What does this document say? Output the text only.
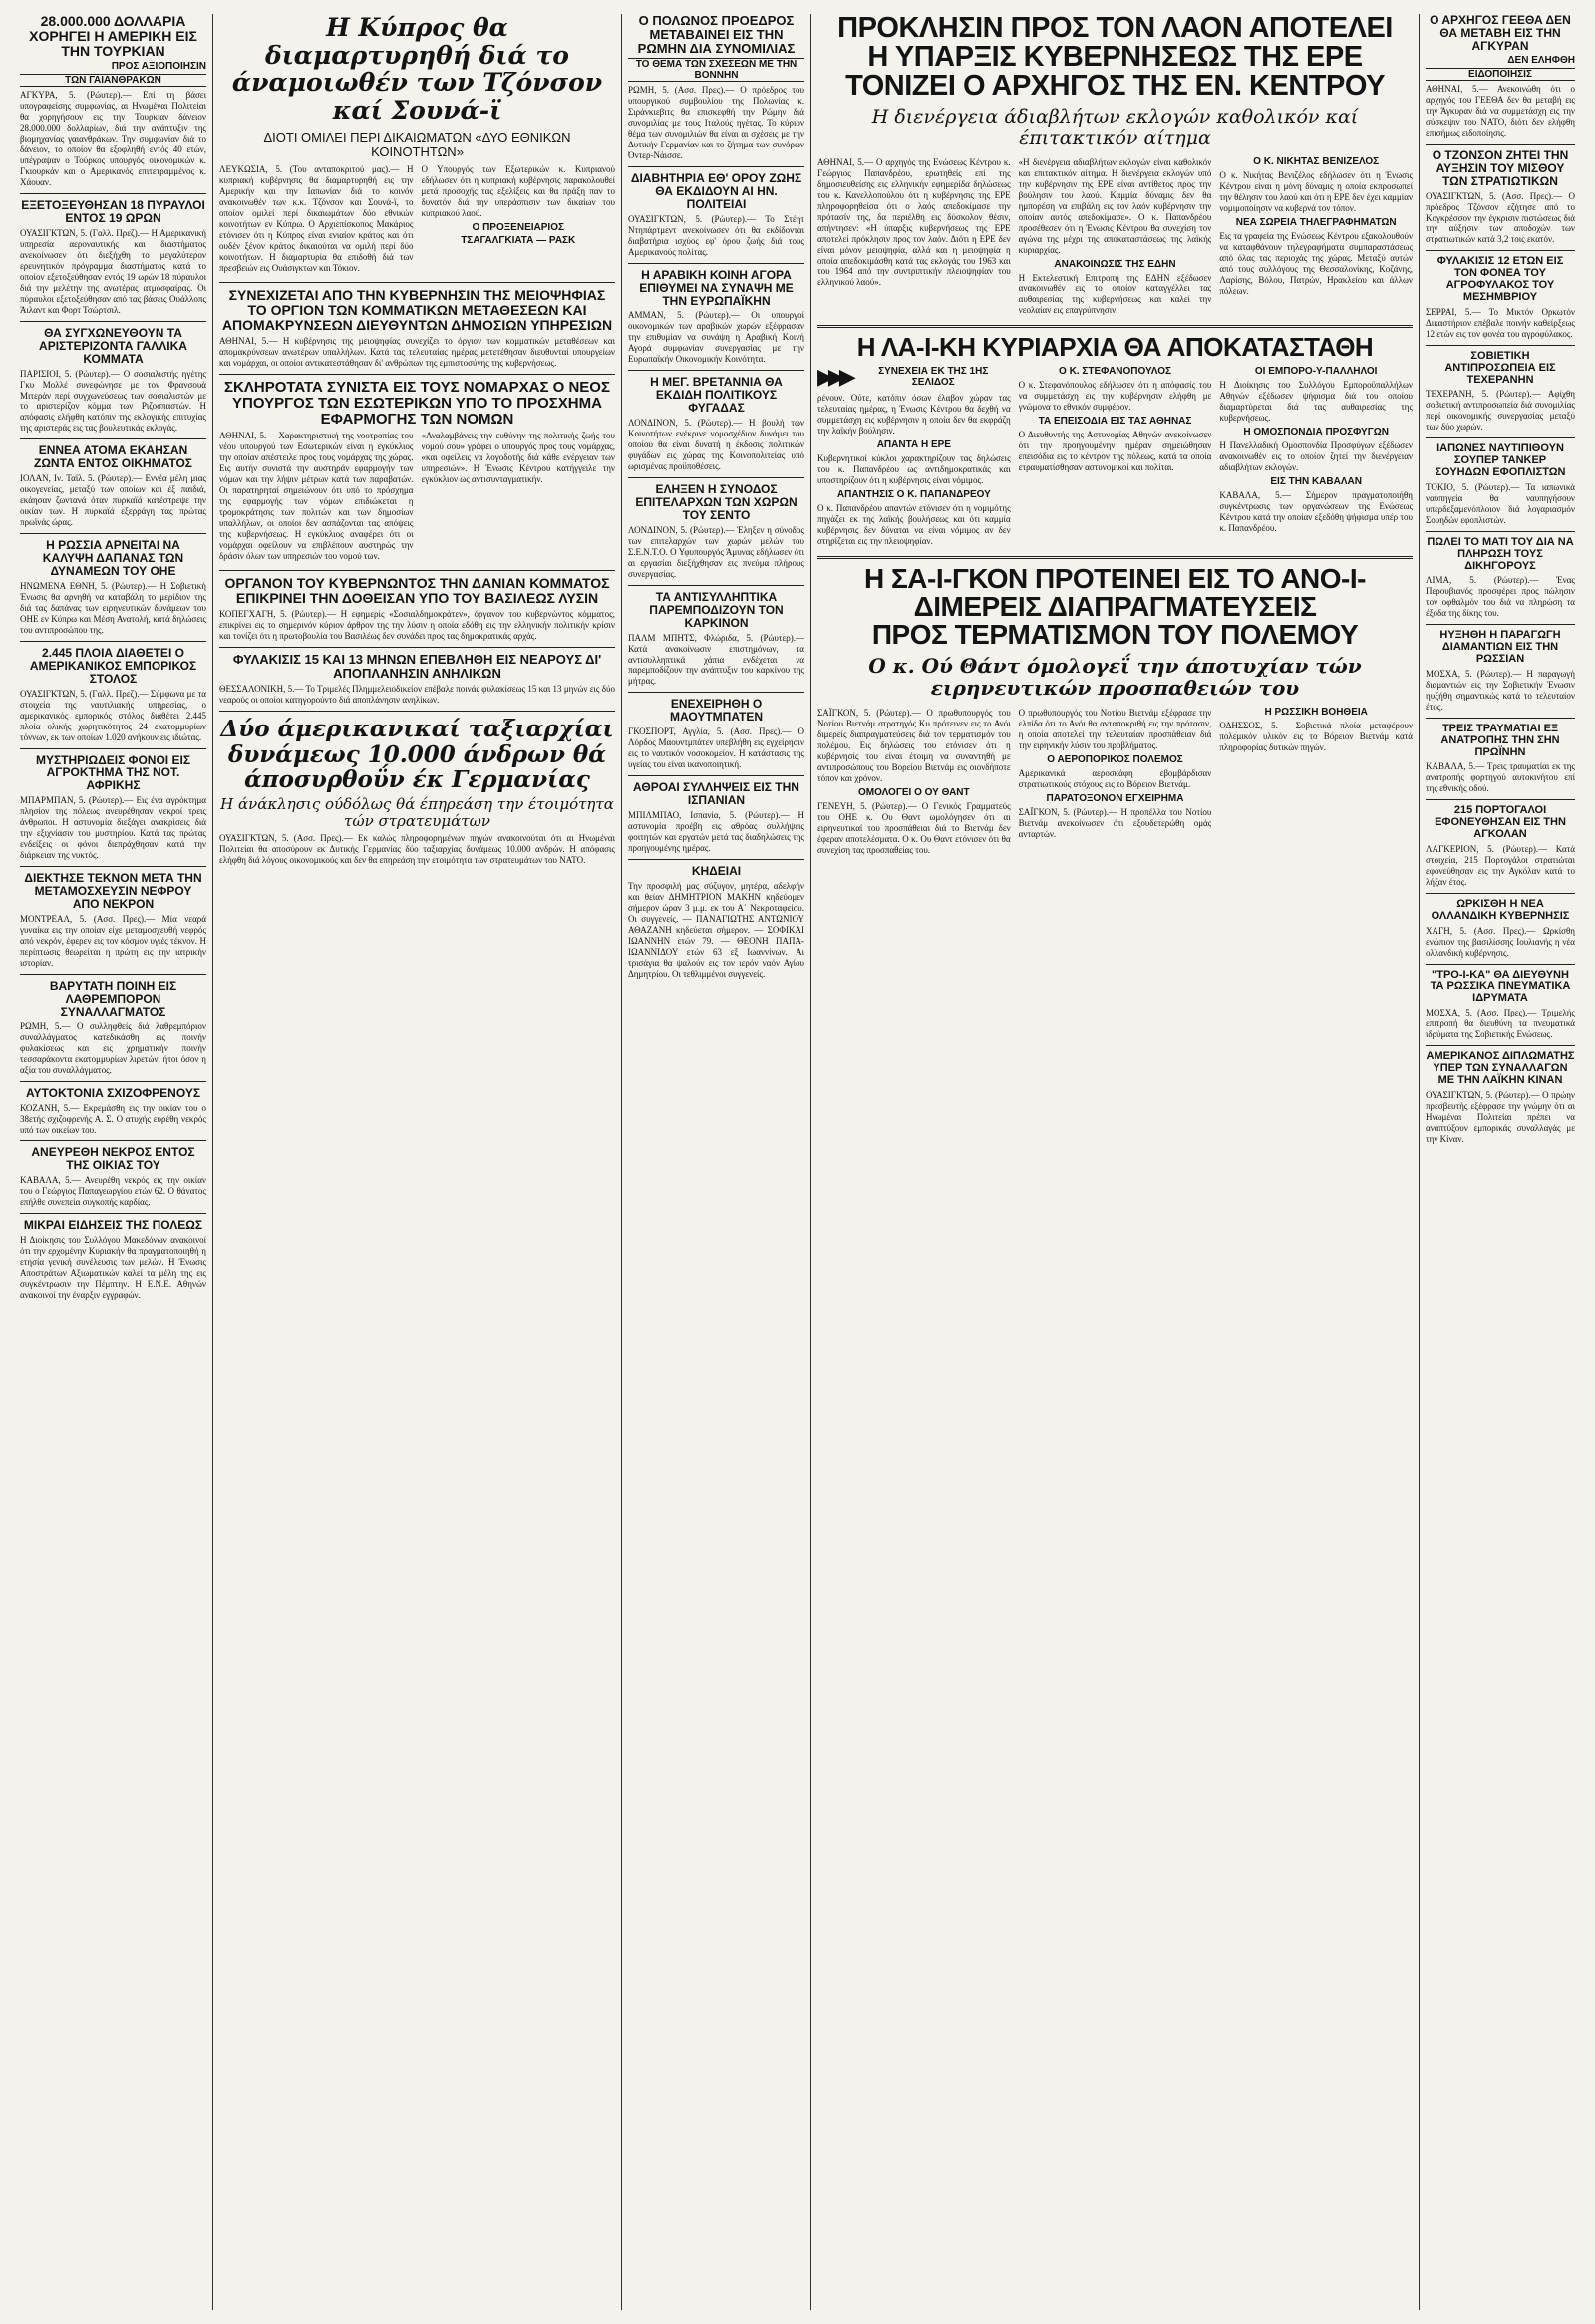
28.000.000 ΔΟΛΛΑΡΙΑ ΧΟΡΗΓΕΙ Η ΑΜΕΡΙΚΗ ΕΙΣ ΤΗΝ ΤΟΥΡΚΙΑΝ
ΠΡΟΣ ΑΞΙΟΠΟΙΗΣΙΝ
ΤΩΝ ΓΑΙΑΝΘΡΑΚΩΝ

ΑΓΚΥΡΑ, 5. (Ρώυτερ).— Επί τη βάσει υπογραφείσης συμφωνίας, αι Ηνωμέναι Πολιτείαι θα χορηγήσουν εις την Τουρκίαν δάνειον 28.000.000 δολλαρίων, διά την ανάπτυξιν της βιομηχανίας γαιανθράκων. Την συμφωνίαν διά το δάνειον, το οποίον θα εξοφληθή εντός 40 ετών, υπέγραψαν ο Τούρκος υπουργός οικονομικών κ. Γκιουρκάν και ο Αμερικανός επιτετραμμένος κ. Χάουαν.

ΕΞΕΤΟΞΕΥΘΗΣΑΝ 18 ΠΥΡΑΥΛΟΙ ΕΝΤΟΣ 19 ΩΡΩΝ

ΟΥΑΣΙΓΚΤΩΝ, 5. (Γαλλ. Πρεζ).— Η Αμερικανική υπηρεσία αεροναυτικής και διαστήματος ανεκοίνωσεν ότι διεξήχθη το μεγαλύτερον ερευνητικόν πρόγραμμα διαστήματος κατά το οποίον εξετοξεύθησαν εντός 19 ωρών 18 πύραυλοι διά την μελέτην της ανωτέρας ατμοσφαίρας. Οι πύραυλοι εξετοξεύθησαν από τας βάσεις Ουάλλοπς Άιλαντ και Φορτ Τσώρτσιλ.

ΘΑ ΣΥΓΧΩΝΕΥΘΟΥΝ ΤΑ ΑΡΙΣΤΕΡΙΖΟΝΤΑ ΓΑΛΛΙΚΑ ΚΟΜΜΑΤΑ

ΠΑΡΙΣΙΟΙ, 5. (Ρώυτερ).— Ο σοσιαλιστής ηγέτης Γκυ Μολλέ συνεφώνησε με τον Φρανσουά Μιτεράν περί συγχωνεύσεως των σοσιαλιστών με το αριστερίζον κόμμα των Ριζοσπαστών. Η απόφασις ελήφθη κατόπιν της εκλογικής επιτυχίας της αριστεράς εις τας βουλευτικάς εκλογάς.

ΕΝΝΕΑ ΑΤΟΜΑ ΕΚΑΗΣΑΝ ΖΩΝΤΑ ΕΝΤΟΣ ΟΙΚΗΜΑΤΟΣ

ΙΟΛΑΝ, Ιν. Ταϊλ. 5. (Ρώυτερ).— Εννέα μέλη μιας οικογενείας, μεταξύ των οποίων και έξ παιδιά, εκάησαν ζωντανά όταν πυρκαϊά κατέστρεψε την οικίαν των. Η πυρκαϊά εξερράγη τας πρώτας πρωϊνάς ώρας.

Η ΡΩΣΣΙΑ ΑΡΝΕΙΤΑΙ ΝΑ ΚΑΛΥΨΗ ΔΑΠΑΝΑΣ ΤΩΝ ΔΥΝΑΜΕΩΝ ΤΟΥ ΟΗΕ

ΗΝΩΜΕΝΑ ΕΘΝΗ, 5. (Ρώυτερ).— Η Σοβιετική Ένωσις θα αρνηθή να καταβάλη το μερίδιον της διά τας δαπάνας των ειρηνευτικών δυνάμεων του ΟΗΕ εν Κύπρω και Μέση Ανατολή, κατά δηλώσεις του αντιπροσώπου της.

2.445 ΠΛΟΙΑ ΔΙΑΘΕΤΕΙ Ο ΑΜΕΡΙΚΑΝΙΚΟΣ ΕΜΠΟΡΙΚΟΣ ΣΤΟΛΟΣ

ΟΥΑΣΙΓΚΤΩΝ, 5. (Γαλλ. Πρεζ).— Σύμφωνα με τα στοιχεία της ναυτιλιακής υπηρεσίας, ο αμερικανικός εμπορικός στόλος διαθέτει 2.445 πλοία ολικής χωρητικότητος 24 εκατομμυρίων τόννων, εκ των οποίων 1.020 ανήκουν εις ιδιώτας.

ΜΥΣΤΗΡΙΩΔΕΙΣ ΦΟΝΟΙ ΕΙΣ ΑΓΡΟΚΤΗΜΑ ΤΗΣ ΝΟΤ. ΑΦΡΙΚΗΣ

ΜΠΑΡΜΠΑΝ, 5. (Ρώυτερ).— Εις ένα αγρόκτημα πλησίον της πόλεως ανευρέθησαν νεκροί τρεις άνθρωποι. Η αστυνομία διεξάγει ανακρίσεις διά την εξιχνίασιν του μυστηρίου. Κατά τας πρώτας ενδείξεις οι φόνοι διεπράχθησαν κατά την διάρκειαν της νυκτός.

ΔΙΕΚΤΗΣΕ ΤΕΚΝΟΝ ΜΕΤΑ ΤΗΝ ΜΕΤΑΜΟΣΧΕΥΣΙΝ ΝΕΦΡΟΥ ΑΠΟ ΝΕΚΡΟΝ

ΜΟΝΤΡΕΑΛ, 5. (Ασσ. Πρες).— Μία νεαρά γυναίκα εις την οποίαν είχε μεταμοσχευθή νεφρός από νεκρόν, έφερεν εις τον κόσμον υγιές τέκνον. Η περίπτωσις θεωρείται η πρώτη εις την ιατρικήν ιστορίαν.

ΒΑΡΥΤΑΤΗ ΠΟΙΝΗ ΕΙΣ ΛΑΘΡΕΜΠΟΡΟΝ ΣΥΝΑΛΛΑΓΜΑΤΟΣ

ΡΩΜΗ, 5.— Ο συλληφθείς διά λαθρεμπόριον συναλλάγματος κατεδικάσθη εις ποινήν φυλακίσεως και εις χρηματικήν ποινήν τεσσαράκοντα εκατομμυρίων λιρετών, ήτοι όσον η αξία του συναλλάγματος.

ΑΥΤΟΚΤΟΝΙΑ ΣΧΙΖΟΦΡΕΝΟΥΣ

ΚΟΖΑΝΗ, 5.— Εκρεμάσθη εις την οικίαν του ο 38ετής σχιζοφρενής Α. Σ. Ο ατυχής ευρέθη νεκρός υπό των οικείων του.

ΑΝΕΥΡΕΘΗ ΝΕΚΡΟΣ ΕΝΤΟΣ ΤΗΣ ΟΙΚΙΑΣ ΤΟΥ

ΚΑΒΑΛΑ, 5.— Ανευρέθη νεκρός εις την οικίαν του ο Γεώργιος Παπαγεωργίου ετών 62. Ο θάνατος επήλθε συνεπεία συγκοπής καρδίας.

ΜΙΚΡΑΙ ΕΙΔΗΣΕΙΣ ΤΗΣ ΠΟΛΕΩΣ

Η Διοίκησις του Συλλόγου Μακεδόνων ανακοινοί ότι την ερχομένην Κυριακήν θα πραγματοποιηθή η ετησία γενική συνέλευσις των μελών. Η Ένωσις Αποστράτων Αξιωματικών καλεί τα μέλη της εις συγκέντρωσιν την Πέμπτην. Η Ε.Ν.Ε. Αθηνών ανακοινοί την έναρξιν εγγραφών.

Η Κύπρος θα διαμαρτυρηθή διά το άναμοιωθέν των Τζόνσον καί Σουνά-ϊ
ΔΙΟΤΙ ΟΜΙΛΕΙ ΠΕΡΙ ΔΙΚΑΙΩΜΑΤΩΝ «ΔΥΟ ΕΘΝΙΚΩΝ ΚΟΙΝΟΤΗΤΩΝ»

ΛΕΥΚΩΣΙΑ, 5. (Του ανταποκριτού μας).— Η κυπριακή κυβέρνησις θα διαμαρτυρηθή εις την Αμερικήν και την Ιαπωνίαν διά το κοινόν ανακοινωθέν των κ.κ. Τζόνσον και Σουνά-ϊ, το οποίον ομιλεί περί δικαιωμάτων δύο εθνικών κοινοτήτων εν Κύπρω. Ο Αρχιεπίσκοπος Μακάριος ετόνισεν ότι η Κύπρος είναι ενιαίον κράτος και ότι ουδέν ξένον κράτος δικαιούται να ομιλή περί δύο κοινοτήτων. Η διαμαρτυρία θα επιδοθή διά των πρεσβειών εις Ουάσιγκτων και Τόκιον.

Ο Υπουργός των Εξωτερικών κ. Κυπριανού εδήλωσεν ότι η κυπριακή κυβέρνησις παρακολουθεί μετά προσοχής τας εξελίξεις και θα πράξη παν το δυνατόν διά την υπεράσπισιν των δικαίων του κυπριακού λαού.

Ο ΠΡΟΞΕΝΕΙΑΡΙΟΣ
ΤΣΑΓΑΛΓΚΙΑΤΑ — ΡΑΣΚ
ΣΥΝΕΧΙΖΕΤΑΙ ΑΠΟ ΤΗΝ ΚΥΒΕΡΝΗΣΙΝ ΤΗΣ ΜΕΙΟΨΗΦΙΑΣ ΤΟ ΟΡΓΙΟΝ ΤΩΝ ΚΟΜΜΑΤΙΚΩΝ ΜΕΤΑΘΕΣΕΩΝ ΚΑΙ ΑΠΟΜΑΚΡΥΝΣΕΩΝ ΔΙΕΥΘΥΝΤΩΝ ΔΗΜΟΣΙΩΝ ΥΠΗΡΕΣΙΩΝ

ΑΘΗΝΑΙ, 5.— Η κυβέρνησις της μειοψηφίας συνεχίζει το όργιον των κομματικών μεταθέσεων και απομακρύνσεων ανωτέρων υπαλλήλων. Κατά τας τελευταίας ημέρας μετετέθησαν διευθυνταί υπουργείων και νομάρχαι, οι οποίοι αντικατεστάθησαν δι' ανθρώπων της εμπιστοσύνης της κυβερνήσεως.

ΣΚΛΗΡΟΤΑΤΑ ΣΥΝΙΣΤΑ ΕΙΣ ΤΟΥΣ ΝΟΜΑΡΧΑΣ Ο ΝΕΟΣ ΥΠΟΥΡΓΟΣ ΤΩΝ ΕΣΩΤΕΡΙΚΩΝ ΥΠΟ ΤΟ ΠΡΟΣΧΗΜΑ ΕΦΑΡΜΟΓΗΣ ΤΩΝ ΝΟΜΩΝ

ΑΘΗΝΑΙ, 5.— Χαρακτηριστική της νοοτροπίας του νέου υπουργού των Εσωτερικών είναι η εγκύκλιος την οποίαν απέστειλε προς τους νομάρχας της χώρας. Εις αυτήν συνιστά την αυστηράν εφαρμογήν των νόμων και την λήψιν μέτρων κατά των παραβατών. Οι παρατηρηταί σημειώνουν ότι υπό το πρόσχημα της εφαρμογής των νόμων επιδιώκεται η τρομοκράτησις των πολιτών και των δημοσίων υπαλλήλων, οι οποίοι δεν ασπάζονται τας απόψεις της κυβερνήσεως. Η εγκύκλιος αναφέρει ότι οι νομάρχαι οφείλουν να επιβλέπουν αυστηρώς την δράσιν όλων των υπηρεσιών του νομού των.

«Αναλαμβάνεις την ευθύνην της πολιτικής ζωής του νομού σου» γράφει ο υπουργός προς τους νομάρχας, «και οφείλεις να λογοδοτής διά κάθε ενέργειαν των υπηρεσιών». Η Ένωσις Κέντρου κατήγγειλε την εγκύκλιον ως αντισυνταγματικήν.

ΟΡΓΑΝΟΝ ΤΟΥ ΚΥΒΕΡΝΩΝΤΟΣ ΤΗΝ ΔΑΝΙΑΝ ΚΟΜΜΑΤΟΣ ΕΠΙΚΡΙΝΕΙ ΤΗΝ ΔΟΘΕΙΣΑΝ ΥΠΟ ΤΟΥ ΒΑΣΙΛΕΩΣ ΛΥΣΙΝ

ΚΟΠΕΓΧΑΓΗ, 5. (Ρώυτερ).— Η εφημερίς «Σοσιαλδημοκράτεν», όργανον του κυβερνώντος κόμματος, επικρίνει εις το σημερινόν κύριον άρθρον της την λύσιν η οποία εδόθη εις την ελληνικήν πολιτικήν κρίσιν και τονίζει ότι η πρωτοβουλία του Βασιλέως δεν συνάδει προς τας δημοκρατικάς αρχάς.

ΦΥΛΑΚΙΣΙΣ 15 ΚΑΙ 13 ΜΗΝΩΝ ΕΠΕΒΛΗΘΗ ΕΙΣ ΝΕΑΡΟΥΣ ΔΙ' ΑΠΟΠΛΑΝΗΣΙΝ ΑΝΗΛΙΚΩΝ

ΘΕΣΣΑΛΟΝΙΚΗ, 5.— Το Τριμελές Πλημμελειοδικείον επέβαλε ποινάς φυλακίσεως 15 και 13 μηνών εις δύο νεαρούς οι οποίοι κατηγορούντο διά αποπλάνησιν ανηλίκων.

Δύο άμερικανικαί ταξιαρχίαι δυνάμεως 10.000 άνδρων θά άποσυρθοΰν έκ Γερμανίας
Η άνάκλησις ούδόλως θά έπηρεάση την έτοιμότητα τών στρατευμάτων

ΟΥΑΣΙΓΚΤΩΝ, 5. (Ασσ. Πρες).— Εκ καλώς πληροφορημένων πηγών ανακοινούται ότι αι Ηνωμέναι Πολιτείαι θα αποσύρουν εκ Δυτικής Γερμανίας δύο ταξιαρχίας δυνάμεως 10.000 ανδρών. Η απόφασις ελήφθη διά λόγους οικονομικούς και δεν θα επηρεάση την ετοιμότητα των στρατευμάτων του ΝΑΤΟ.

Ο ΠΟΛΩΝΟΣ ΠΡΟΕΔΡΟΣ ΜΕΤΑΒΑΙΝΕΙ ΕΙΣ ΤΗΝ ΡΩΜΗΝ ΔΙΑ ΣΥΝΟΜΙΛΙΑΣ
ΤΟ ΘΕΜΑ ΤΩΝ ΣΧΕΣΕΩΝ ΜΕ ΤΗΝ ΒΟΝΝΗΝ

ΡΩΜΗ, 5. (Ασσ. Πρες).— Ο πρόεδρος του υπουργικού συμβουλίου της Πολωνίας κ. Σιράνκιεβιτς θα επισκεφθή την Ρώμην διά συνομιλίας με τους Ιταλούς ηγέτας. Το κύριον θέμα των συνομιλιών θα είναι αι σχέσεις με την Δυτικήν Γερμανίαν και το ζήτημα των συνόρων Όντερ-Νάισσε.

ΔΙΑΒΗΤΗΡΙΑ ΕΘ' ΟΡΟΥ ΖΩΗΣ ΘΑ ΕΚΔΙΔΟΥΝ ΑΙ ΗΝ. ΠΟΛΙΤΕΙΑΙ

ΟΥΑΣΙΓΚΤΩΝ, 5. (Ρώυτερ).— Το Στέητ Ντηπάρτμεντ ανεκοίνωσεν ότι θα εκδίδονται διαβατήρια ισχύος εφ' όρου ζωής διά τους Αμερικανούς πολίτας.

Η ΑΡΑΒΙΚΗ ΚΟΙΝΗ ΑΓΟΡΑ ΕΠΙΘΥΜΕΙ ΝΑ ΣΥΝΑΨΗ ΜΕ ΤΗΝ ΕΥΡΩΠΑΪΚΗΝ

ΑΜΜΑΝ, 5. (Ρώυτερ).— Οι υπουργοί οικονομικών των αραβικών χωρών εξέφρασαν την επιθυμίαν να συνάψη η Αραβική Κοινή Αγορά συμφωνίαν συνεργασίας με την Ευρωπαϊκήν Οικονομικήν Κοινότητα.

Η ΜΕΓ. ΒΡΕΤΑΝΝΙΑ ΘΑ ΕΚΔΙΔΗ ΠΟΛΙΤΙΚΟΥΣ ΦΥΓΑΔΑΣ

ΛΟΝΔΙΝΟΝ, 5. (Ρώυτερ).— Η βουλή των Κοινοτήτων ενέκρινε νομοσχέδιον δυνάμει του οποίου θα είναι δυνατή η έκδοσις πολιτικών φυγάδων εις χώρας της Κοινοπολιτείας υπό ωρισμένας προϋποθέσεις.

ΕΛΗΞΕΝ Η ΣΥΝΟΔΟΣ ΕΠΙΤΕΛΑΡΧΩΝ ΤΩΝ ΧΩΡΩΝ ΤΟΥ ΣΕΝΤΟ

ΛΟΝΔΙΝΟΝ, 5. (Ρώυτερ).— Έληξεν η σύνοδος των επιτελαρχών των χωρών μελών του Σ.Ε.Ν.Τ.Ο. Ο Υφυπουργός Άμυνας εδήλωσεν ότι αι εργασίαι διεξήχθησαν εις πνεύμα πλήρους συνεργασίας.

ΤΑ ΑΝΤΙΣΥΛΛΗΠΤΙΚΑ ΠΑΡΕΜΠΟΔΙΖΟΥΝ ΤΟΝ ΚΑΡΚΙΝΟΝ

ΠΑΛΜ ΜΠΗΤΣ, Φλώριδα, 5. (Ρώυτερ).— Κατά ανακοίνωσιν επιστημόνων, τα αντισυλληπτικά χάπια ενδέχεται να παρεμποδίζουν την ανάπτυξιν του καρκίνου της μήτρας.

ΕΝΕΧΕΙΡΗΘΗ Ο ΜΑΟΥΤΜΠΑΤΕΝ

ΓΚΟΣΠΟΡΤ, Αγγλία, 5. (Ασσ. Πρες).— Ο Λόρδος Μαουντμπάτεν υπεβλήθη εις εγχείρησιν εις το ναυτικόν νοσοκομείον. Η κατάστασις της υγείας του είναι ικανοποιητική.

ΑΘΡΟΑΙ ΣΥΛΛΗΨΕΙΣ ΕΙΣ ΤΗΝ ΙΣΠΑΝΙΑΝ

ΜΠΙΛΜΠΑΟ, Ισπανία, 5. (Ρώυτερ).— Η αστυνομία προέβη εις αθρόας συλλήψεις φοιτητών και εργατών μετά τας διαδηλώσεις της προηγουμένης ημέρας.

ΚΗΔΕΙΑΙ

Την προσφιλή μας σύζυγον, μητέρα, αδελφήν και θείαν ΔΗΜΗΤΡΙΟΝ ΜΑΚΗΝ κηδεύομεν σήμερον ώραν 3 μ.μ. εκ του Α΄ Νεκροταφείου. Οι συγγενείς. — ΠΑΝΑΓΙΩΤΗΣ ΑΝΤΩΝΙΟΥ ΑΘΑΖΑΝΗ κηδεύεται σήμερον. — ΣΟΦΙΚΑΙ ΙΩΑΝΝΗΝ ετών 79. — ΘΕΟΝΗ ΠΑΠΑ-ΙΩΑΝΝΙΔΟΥ ετών 63 εξ Ιωαννίνων. Αι τρισάγια θα ψαλούν εις τον ιερόν ναόν Αγίου Δημητρίου. Οι τεθλιμμένοι συγγενείς.

ΠΡΟΚΛΗΣΙΝ ΠΡΟΣ ΤΟΝ ΛΑΟΝ ΑΠΟΤΕΛΕΙ
Η ΥΠΑΡΞΙΣ ΚΥΒΕΡΝΗΣΕΩΣ ΤΗΣ ΕΡΕ
ΤΟΝΙΖΕΙ Ο ΑΡΧΗΓΟΣ ΤΗΣ ΕΝ. ΚΕΝΤΡΟΥ
Η διενέργεια άδιαβλήτων εκλογών καθολικόν καί έπιτακτικόν αίτημα

ΑΘΗΝΑΙ, 5.— Ο αρχηγός της Ενώσεως Κέντρου κ. Γεώργιος Παπανδρέου, ερωτηθείς επί της δημοσιευθείσης εις ελληνικήν εφημερίδα δηλώσεως του κ. Κανελλοπούλου ότι η κυβέρνησις της ΕΡΕ πληροφορηθείσα ότι ο λαός απεδοκίμασε την πρότασίν της, δα περιέλθη εις δύσκολον θέσιν, απήντησεν: «Η ύπαρξις κυβερνήσεως της ΕΡΕ αποτελεί πρόκλησιν προς τον λαόν. Διότι η ΕΡΕ δεν είναι μόνον μειοψηφία, αλλά και η μειοψηφία η οποία απεδοκιμάσθη κατά τας εκλογάς του 1963 και του 1964 από την συντριπτικήν πλειοψηφίαν του ελληνικού λαού».

«Η διενέργεια αδιαβλήτων εκλογών είναι καθολικόν και επιτακτικόν αίτημα. Η διενέργεια εκλογών υπό την κυβέρνησιν της ΕΡΕ είναι αντίθετος προς την βούλησιν του λαού. Καμμία δύναμις δεν θα ημπορέση να επιβάλη εις τον λαόν κυβέρνησιν την οποίαν αυτός απεδοκίμασε». Ο κ. Παπανδρέου προσέθεσεν ότι η Ένωσις Κέντρου θα συνεχίση τον αγώνα της μέχρι της αποκαταστάσεως της λαϊκής κυριαρχίας.

ΑΝΑΚΟΙΝΩΣΙΣ ΤΗΣ ΕΔΗΝ

Η Εκτελεστική Επιτροπή της ΕΔΗΝ εξέδωσεν ανακοινωθέν εις το οποίον καταγγέλλει τας αυθαιρεσίας της κυβερνήσεως και καλεί την νεολαίαν εις επαγρύπνησιν.

Ο Κ. ΝΙΚΗΤΑΣ ΒΕΝΙΖΕΛΟΣ

Ο κ. Νικήτας Βενιζέλος εδήλωσεν ότι η Ένωσις Κέντρου είναι η μόνη δύναμις η οποία εκπροσωπεί την θέλησιν του λαού και ότι η ΕΡΕ δεν έχει καμμίαν νομιμοποίησιν να κυβερνά τον τόπον.

ΝΕΑ ΣΩΡΕΙΑ ΤΗΛΕΓΡΑΦΗΜΑΤΩΝ

Εις τα γραφεία της Ενώσεως Κέντρου εξακολουθούν να καταφθάνουν τηλεγραφήματα συμπαραστάσεως από όλας τας περιοχάς της χώρας. Μεταξύ αυτών από τους συλλόγους της Θεσσαλονίκης, Κοζάνης, Λαρίσης, Βόλου, Πατρών, Ηρακλείου και άλλων πόλεων.

Η ΛΑ-Ι-ΚΗ ΚΥΡΙΑΡΧΙΑ ΘΑ ΑΠΟΚΑΤΑΣΤΑΘΗ
▶▶▶	ΣΥΝΕΧΕΙΑ ΕΚ ΤΗΣ 1ΗΣ ΣΕΛΙΔΟΣ

ρένουν. Ούτε, κατόπιν όσων έλαβον χώραν τας τελευταίας ημέρας, η Ένωσις Κέντρου θα δεχθή να συμμετάσχη εις κυβέρνησιν η οποία δεν θα εκφράζη την λαϊκήν βούλησιν.

ΑΠΑΝΤΑ Η ΕΡΕ

Κυβερνητικοί κύκλοι χαρακτηρίζουν τας δηλώσεις του κ. Παπανδρέου ως αντιδημοκρατικάς και υποστηρίζουν ότι η κυβέρνησις είναι νόμιμος.

ΑΠΑΝΤΗΣΙΣ Ο Κ. ΠΑΠΑΝΔΡΕΟΥ

Ο κ. Παπανδρέου απαντών ετόνισεν ότι η νομιμότης πηγάζει εκ της λαϊκής βουλήσεως και ότι καμμία κυβέρνησις δεν δύναται να είναι νόμιμος αν δεν στηρίζεται εις την πλειοψηφίαν.

Ο Κ. ΣΤΕΦΑΝΟΠΟΥΛΟΣ

Ο κ. Στεφανόπουλος εδήλωσεν ότι η απόφασίς του να συμμετάσχη εις την κυβέρνησιν ελήφθη με γνώμονα το εθνικόν συμφέρον.

ΤΑ ΕΠΕΙΣΟΔΙΑ ΕΙΣ ΤΑΣ ΑΘΗΝΑΣ

Ο Διευθυντής της Αστυνομίας Αθηνών ανεκοίνωσεν ότι την προηγουμένην ημέραν σημειώθησαν επεισόδια εις το κέντρον της πόλεως, κατά τα οποία ετραυματίσθησαν αστυνομικοί και πολίται.

ΟΙ ΕΜΠΟΡΟ-Υ-ΠΑΛΛΗΛΟΙ

Η Διοίκησις του Συλλόγου Εμποροϋπαλλήλων Αθηνών εξέδωσεν ψήφισμα διά του οποίου διαμαρτύρεται διά τας αυθαιρεσίας της κυβερνήσεως.

Η ΟΜΟΣΠΟΝΔΙΑ ΠΡΟΣΦΥΓΩΝ

Η Πανελλαδική Ομοσπονδία Προσφύγων εξέδωσεν ανακοινωθέν εις το οποίον ζητεί την διενέργειαν αδιαβλήτων εκλογών.

ΕΙΣ ΤΗΝ ΚΑΒΑΛΑΝ

ΚΑΒΑΛΑ, 5.— Σήμερον πραγματοποιήθη συγκέντρωσις των οργανώσεων της Ενώσεως Κέντρου κατά την οποίαν εξεδόθη ψήφισμα υπέρ του κ. Παπανδρέου.

Η ΣΑ-Ι-ΓΚΟΝ ΠΡΟΤΕΙΝΕΙ ΕΙΣ ΤΟ ΑΝΟ-Ι-
ΔΙΜΕΡΕΙΣ ΔΙΑΠΡΑΓΜΑΤΕΥΣΕΙΣ
ΠΡΟΣ ΤΕΡΜΑΤΙΣΜΟΝ ΤΟΥ ΠΟΛΕΜΟΥ
Ο κ. Ού Θάντ όμολογεΐ την άποτυχίαν τών ειρηνευτικών προσπαθειών του

ΣΑΪΓΚΟΝ, 5. (Ρώυτερ).— Ο πρωθυπουργός του Νοτίου Βιετνάμ στρατηγός Κυ πρότεινεν εις το Ανόι διμερείς διαπραγματεύσεις διά τον τερματισμόν του πολέμου. Εις δηλώσεις του ετόνισεν ότι η κυβέρνησίς του είναι έτοιμη να συναντηθή με αντιπροσώπους του Βορείου Βιετνάμ εις οιονδήποτε τόπον και χρόνον.

ΟΜΟΛΟΓΕΙ Ο ΟΥ ΘΑΝΤ

ΓΕΝΕΥΗ, 5. (Ρώυτερ).— Ο Γενικός Γραμματεύς του ΟΗΕ κ. Ου Θαντ ωμολόγησεν ότι αι ειρηνευτικαί του προσπάθειαι διά το Βιετνάμ δεν έφεραν αποτελέσματα. Ο κ. Ου Θαντ ετόνισεν ότι θα συνεχίση τας προσπαθείας του.

Ο πρωθυπουργός του Νοτίου Βιετνάμ εξέφρασε την ελπίδα ότι το Ανόι θα ανταποκριθή εις την πρότασιν, η οποία αποτελεί την τελευταίαν προσπάθειαν διά την ειρηνικήν λύσιν του προβλήματος.

Ο ΑΕΡΟΠΟΡΙΚΟΣ ΠΟΛΕΜΟΣ

Αμερικανικά αεροσκάφη εβομβάρδισαν στρατιωτικούς στόχους εις το Βόρειον Βιετνάμ.

ΠΑΡΑΤΟΞΟΝΟΝ ΕΓΧΕΙΡΗΜΑ

ΣΑΪΓΚΟΝ, 5. (Ρώυτερ).— Η προπέλλα του Νοτίου Βιετνάμ ανεκοίνωσεν ότι εξουδετερώθη ομάς ανταρτών.

Η ΡΩΣΣΙΚΗ ΒΟΗΘΕΙΑ

ΟΔΗΣΣΟΣ, 5.— Σοβιετικά πλοία μεταφέρουν πολεμικόν υλικόν εις το Βόρειον Βιετνάμ κατά πληροφορίας δυτικών πηγών.

Ο ΑΡΧΗΓΟΣ ΓΕΕΘΑ ΔΕΝ ΘΑ ΜΕΤΑΒΗ ΕΙΣ ΤΗΝ ΑΓΚΥΡΑΝ
ΔΕΝ ΕΛΗΦΘΗ
ΕΙΔΟΠΟΙΗΣΙΣ

ΑΘΗΝΑΙ, 5.— Ανεκοινώθη ότι ο αρχηγός του ΓΕΕΘΑ δεν θα μεταβή εις την Άγκυραν διά να συμμετάσχη εις την σύσκεψιν του ΝΑΤΟ, διότι δεν ελήφθη επισήμως ειδοποίησις.

Ο ΤΖΟΝΣΟΝ ΖΗΤΕΙ ΤΗΝ ΑΥΞΗΣΙΝ ΤΟΥ ΜΙΣΘΟΥ ΤΩΝ ΣΤΡΑΤΙΩΤΙΚΩΝ

ΟΥΑΣΙΓΚΤΩΝ, 5. (Ασσ. Πρες).— Ο πρόεδρος Τζόνσον εζήτησε από το Κογκρέσσον την έγκρισιν πιστώσεως διά την αύξησιν των αποδοχών των στρατιωτικών κατά 3,2 τοις εκατόν.

ΦΥΛΑΚΙΣΙΣ 12 ΕΤΩΝ ΕΙΣ ΤΟΝ ΦΟΝΕΑ ΤΟΥ ΑΓΡΟΦΥΛΑΚΟΣ ΤΟΥ ΜΕΣΗΜΒΡΙΟΥ

ΣΕΡΡΑΙ, 5.— Το Μικτόν Ορκωτόν Δικαστήριον επέβαλε ποινήν καθείρξεως 12 ετών εις τον φονέα του αγροφύλακος.

ΣΟΒΙΕΤΙΚΗ ΑΝΤΙΠΡΟΣΩΠΕΙΑ ΕΙΣ ΤΕΧΕΡΑΝΗΝ

ΤΕΧΕΡΑΝΗ, 5. (Ρώυτερ).— Αφίχθη σοβιετική αντιπροσωπεία διά συνομιλίας περί οικονομικής συνεργασίας μεταξύ των δύο χωρών.

ΙΑΠΩΝΕΣ ΝΑΥΤΙΠΙΘΟΥΝ ΣΟΥΠΕΡ ΤΑΝΚΕΡ ΣΟΥΗΔΩΝ ΕΦΟΠΛΙΣΤΩΝ

ΤΟΚΙΟ, 5. (Ρώυτερ).— Τα ιαπωνικά ναυπηγεία θα ναυπηγήσουν υπερδεξαμενόπλοιον διά λογαριασμόν Σουηδών εφοπλιστών.

ΠΩΛΕΙ ΤΟ ΜΑΤΙ ΤΟΥ ΔΙΑ ΝΑ ΠΛΗΡΩΣΗ ΤΟΥΣ ΔΙΚΗΓΟΡΟΥΣ

ΛΙΜΑ, 5. (Ρώυτερ).— Ένας Περουβιανός προσφέρει προς πώλησιν τον οφθαλμόν του διά να πληρώση τα έξοδα της δίκης του.

ΗΥΞΗΘΗ Η ΠΑΡΑΓΩΓΗ ΔΙΑΜΑΝΤΙΩΝ ΕΙΣ ΤΗΝ ΡΩΣΣΙΑΝ

ΜΟΣΧΑ, 5. (Ρώυτερ).— Η παραγωγή διαμαντιών εις την Σοβιετικήν Ένωσιν ηυξήθη σημαντικώς κατά το τελευταίον έτος.

ΤΡΕΙΣ ΤΡΑΥΜΑΤΙΑΙ ΕΞ ΑΝΑΤΡΟΠΗΣ ΤΗΝ ΣΗΝ ΠΡΩΪΝΗΝ

ΚΑΒΑΛΑ, 5.— Τρεις τραυματίαι εκ της ανατροπής φορτηγού αυτοκινήτου επί της εθνικής οδού.

215 ΠΟΡΤΟΓΑΛΟΙ ΕΦΟΝΕΥΘΗΣΑΝ ΕΙΣ ΤΗΝ ΑΓΚΟΛΑΝ

ΛΑΓΚΕΡΙΟΝ, 5. (Ρώυτερ).— Κατά στοιχεία, 215 Πορτογάλοι στρατιώται εφονεύθησαν εις την Αγκόλαν κατά το λήξαν έτος.

ΩΡΚΙΣΘΗ Η ΝΕΑ ΟΛΛΑΝΔΙΚΗ ΚΥΒΕΡΝΗΣΙΣ

ΧΑΓΗ, 5. (Ασσ. Πρες).— Ωρκίσθη ενώπιον της βασιλίσσης Ιουλιανής η νέα ολλανδική κυβέρνησις.

"ΤΡΟ-Ι-ΚΑ" ΘΑ ΔΙΕΥΘΥΝΗ ΤΑ ΡΩΣΣΙΚΑ ΠΝΕΥΜΑΤΙΚΑ ΙΔΡΥΜΑΤΑ

ΜΟΣΧΑ, 5. (Ασσ. Πρες).— Τριμελής επιτροπή θα διευθύνη τα πνευματικά ιδρύματα της Σοβιετικής Ενώσεως.

ΑΜΕΡΙΚΑΝΟΣ ΔΙΠΛΩΜΑΤΗΣ ΥΠΕΡ ΤΩΝ ΣΥΝΑΛΛΑΓΩΝ ΜΕ ΤΗΝ ΛΑΪΚΗΝ ΚΙΝΑΝ

ΟΥΑΣΙΓΚΤΩΝ, 5. (Ρώυτερ).— Ο πρώην πρεσβευτής εξέφρασε την γνώμην ότι αι Ηνωμέναι Πολιτείαι πρέπει να αναπτύξουν εμπορικάς συναλλαγάς με την Κίναν.
